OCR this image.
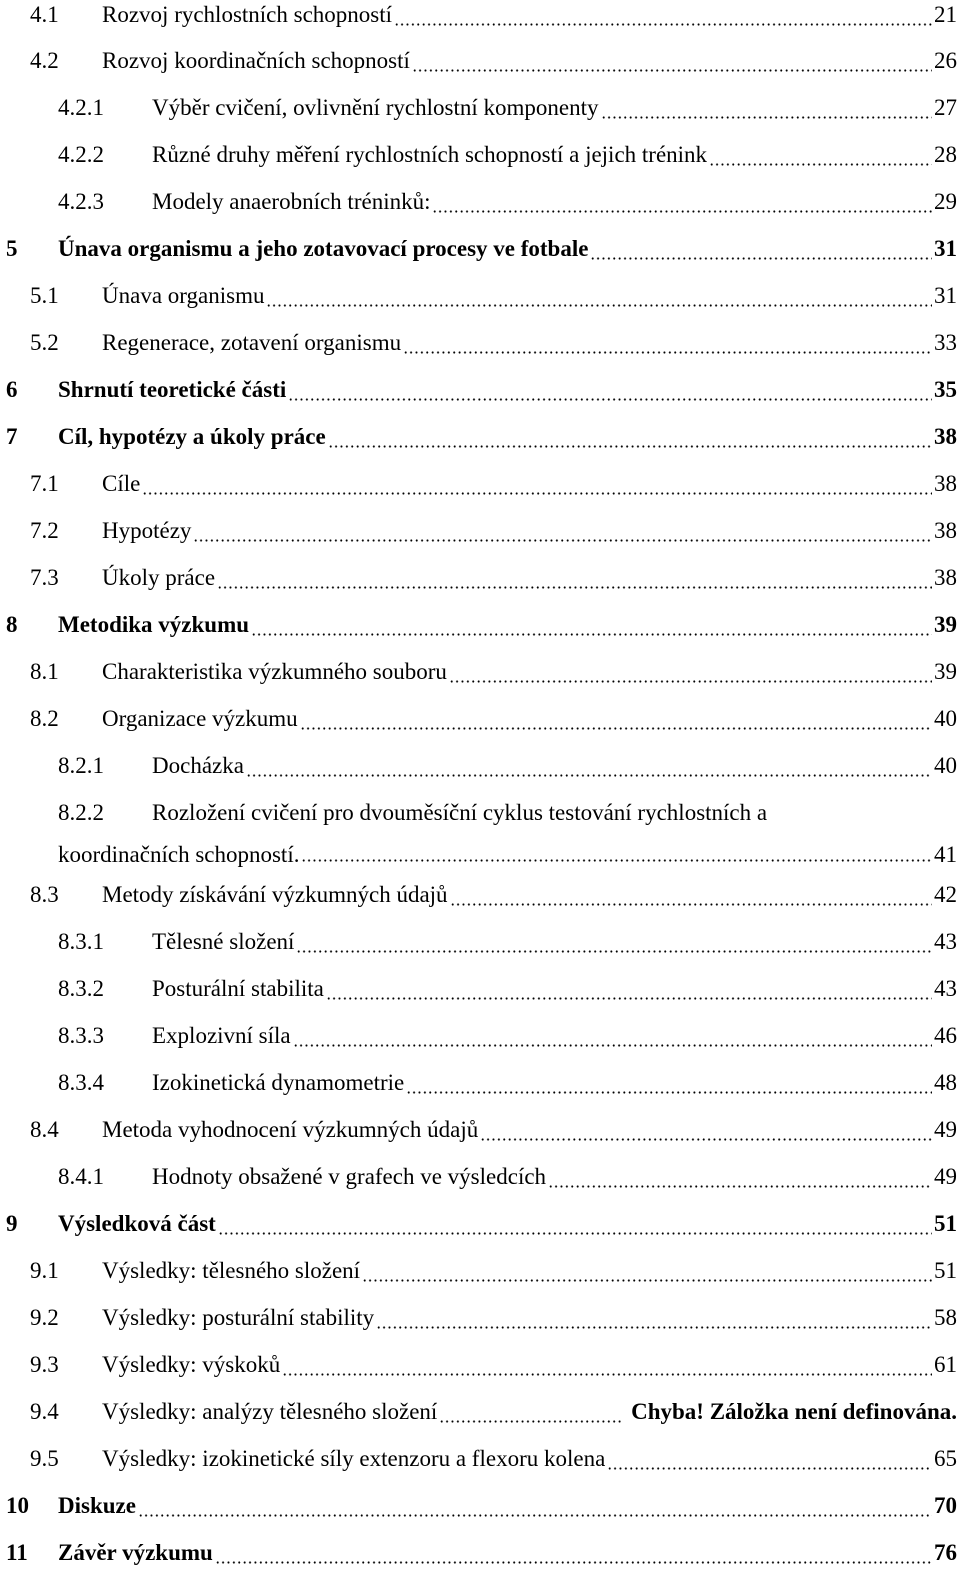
4.1 Rozvoj rychlostních schopností	21
4.2 Rozvoj koordinačních schopností	26
4.2.1 Výběr cvičení, ovlivnění rychlostní komponenty	27
4.2.2 Různé druhy měření rychlostních schopností a jejich trénink	28
4.2.3 Modely anaerobních tréninků:	29
5 Únava organismu a jeho zotavovací procesy ve fotbale	31
5.1 Únava organismu	31
5.2 Regenerace, zotavení organismu	33
6 Shrnutí teoretické části	35
7 Cíl, hypotézy a úkoly práce	38
7.1 Cíle	38
7.2 Hypotézy	38
7.3 Úkoly práce	38
8 Metodika výzkumu	39
8.1 Charakteristika výzkumného souboru	39
8.2 Organizace výzkumu	40
8.2.1 Docházka	40
8.2.2 Rozložení cvičení pro dvouměsíční cyklus testování rychlostních a
koordinačních schopností.	41
8.3 Metody získávání výzkumných údajů	42
8.3.1 Tělesné složení	43
8.3.2 Posturální stabilita	43
8.3.3 Explozivní síla	46
8.3.4 Izokinetická dynamometrie	48
8.4 Metoda vyhodnocení výzkumných údajů	49
8.4.1 Hodnoty obsažené v grafech ve výsledcích	49
9 Výsledková část	51
9.1 Výsledky: tělesného složení	51
9.2 Výsledky: posturální stability	58
9.3 Výsledky: výskoků	61
9.4 Výsledky: analýzy tělesného složení	Chyba! Záložka není definována.
9.5 Výsledky: izokinetické síly extenzoru a flexoru kolena	65
10 Diskuze	70
11 Závěr výzkumu	76
